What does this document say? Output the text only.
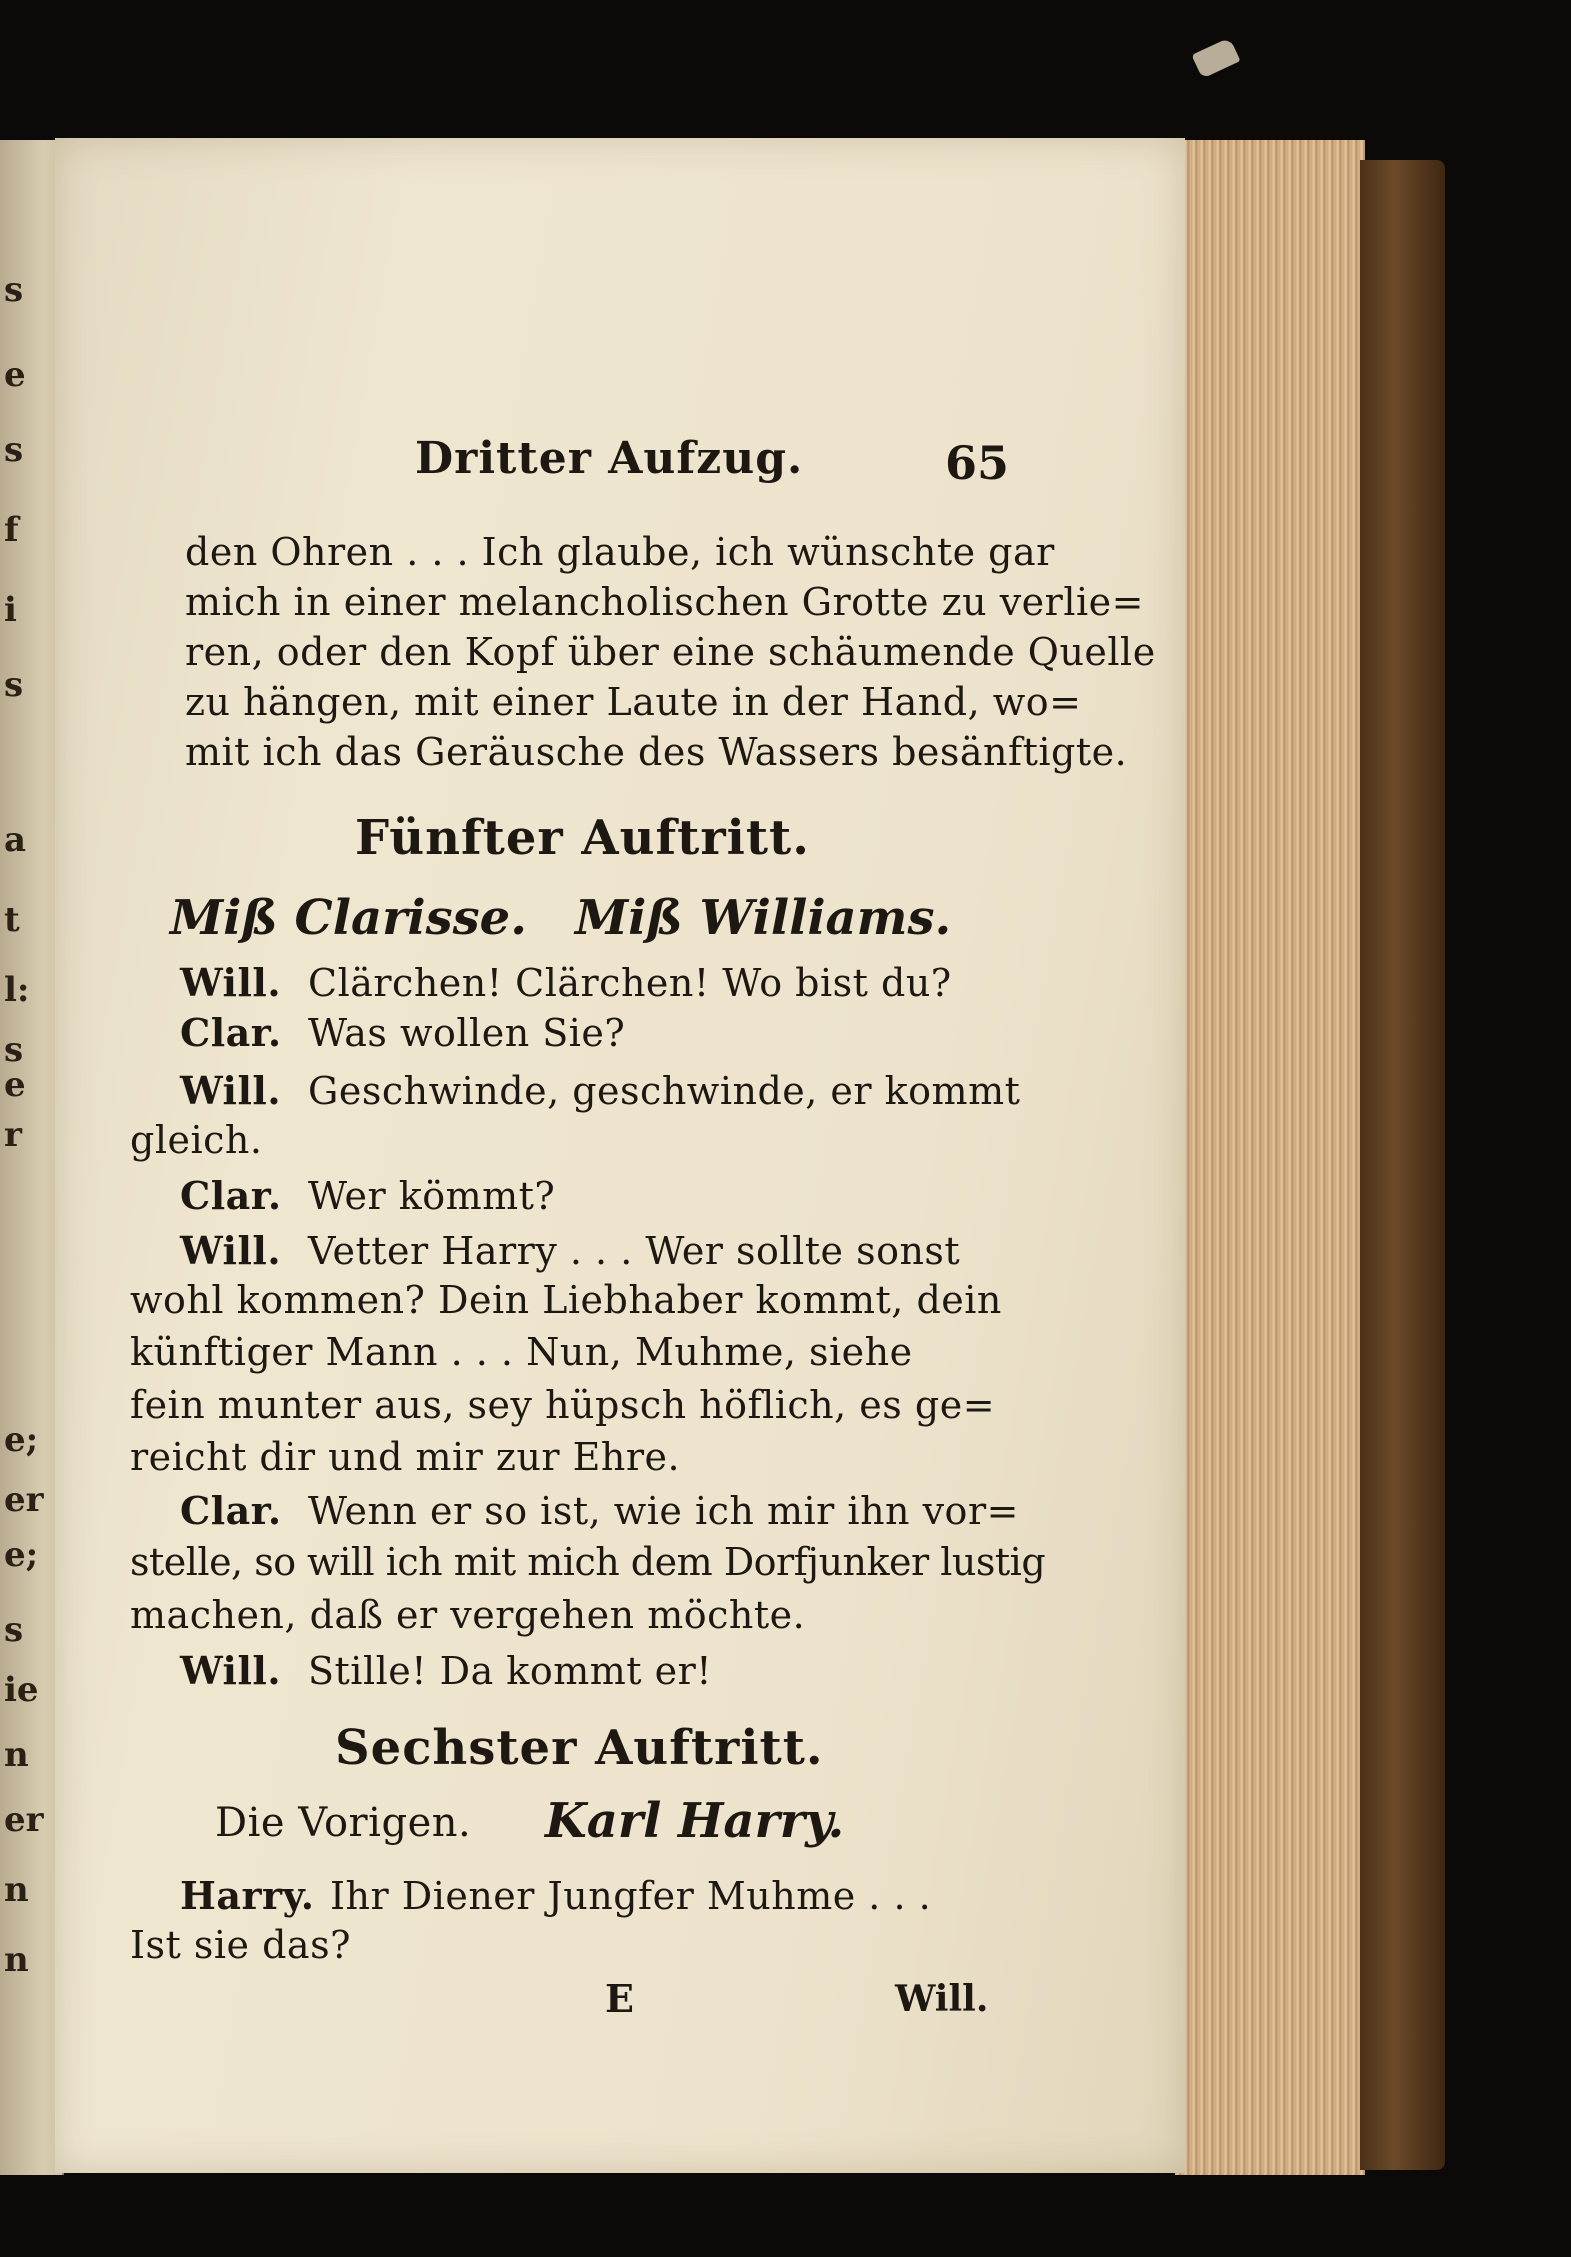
s
e
s
f
i
s
a
t
l:
s
e
r
e;
er
e;
s
ie
n
er
n
n
Dritter Aufzug.	65
den Ohren . . . Ich glaube, ich wünschte gar
mich in einer melancholischen Grotte zu verlie=
ren, oder den Kopf über eine schäumende Quelle
zu hängen, mit einer Laute in der Hand, wo=
mit ich das Geräusche des Wassers besänftigte.
Fünfter Auftritt.
Miß Clarisse. Miß Williams.
Will. Clärchen! Clärchen! Wo bist du?
Clar. Was wollen Sie?
Will. Geschwinde, geschwinde, er kommt
gleich.
Clar. Wer kömmt?
Will. Vetter Harry . . . Wer sollte sonst
wohl kommen? Dein Liebhaber kommt, dein
künftiger Mann . . . Nun, Muhme, siehe
fein munter aus, sey hüpsch höflich, es ge=
reicht dir und mir zur Ehre.
Clar. Wenn er so ist, wie ich mir ihn vor=
stelle, so will ich mit mich dem Dorfjunker lustig
machen, daß er vergehen möchte.
Will. Stille! Da kommt er!
Sechster Auftritt.
Die Vorigen. Karl Harry.
Harry. Ihr Diener Jungfer Muhme . . .
Ist sie das?
E	Will.
